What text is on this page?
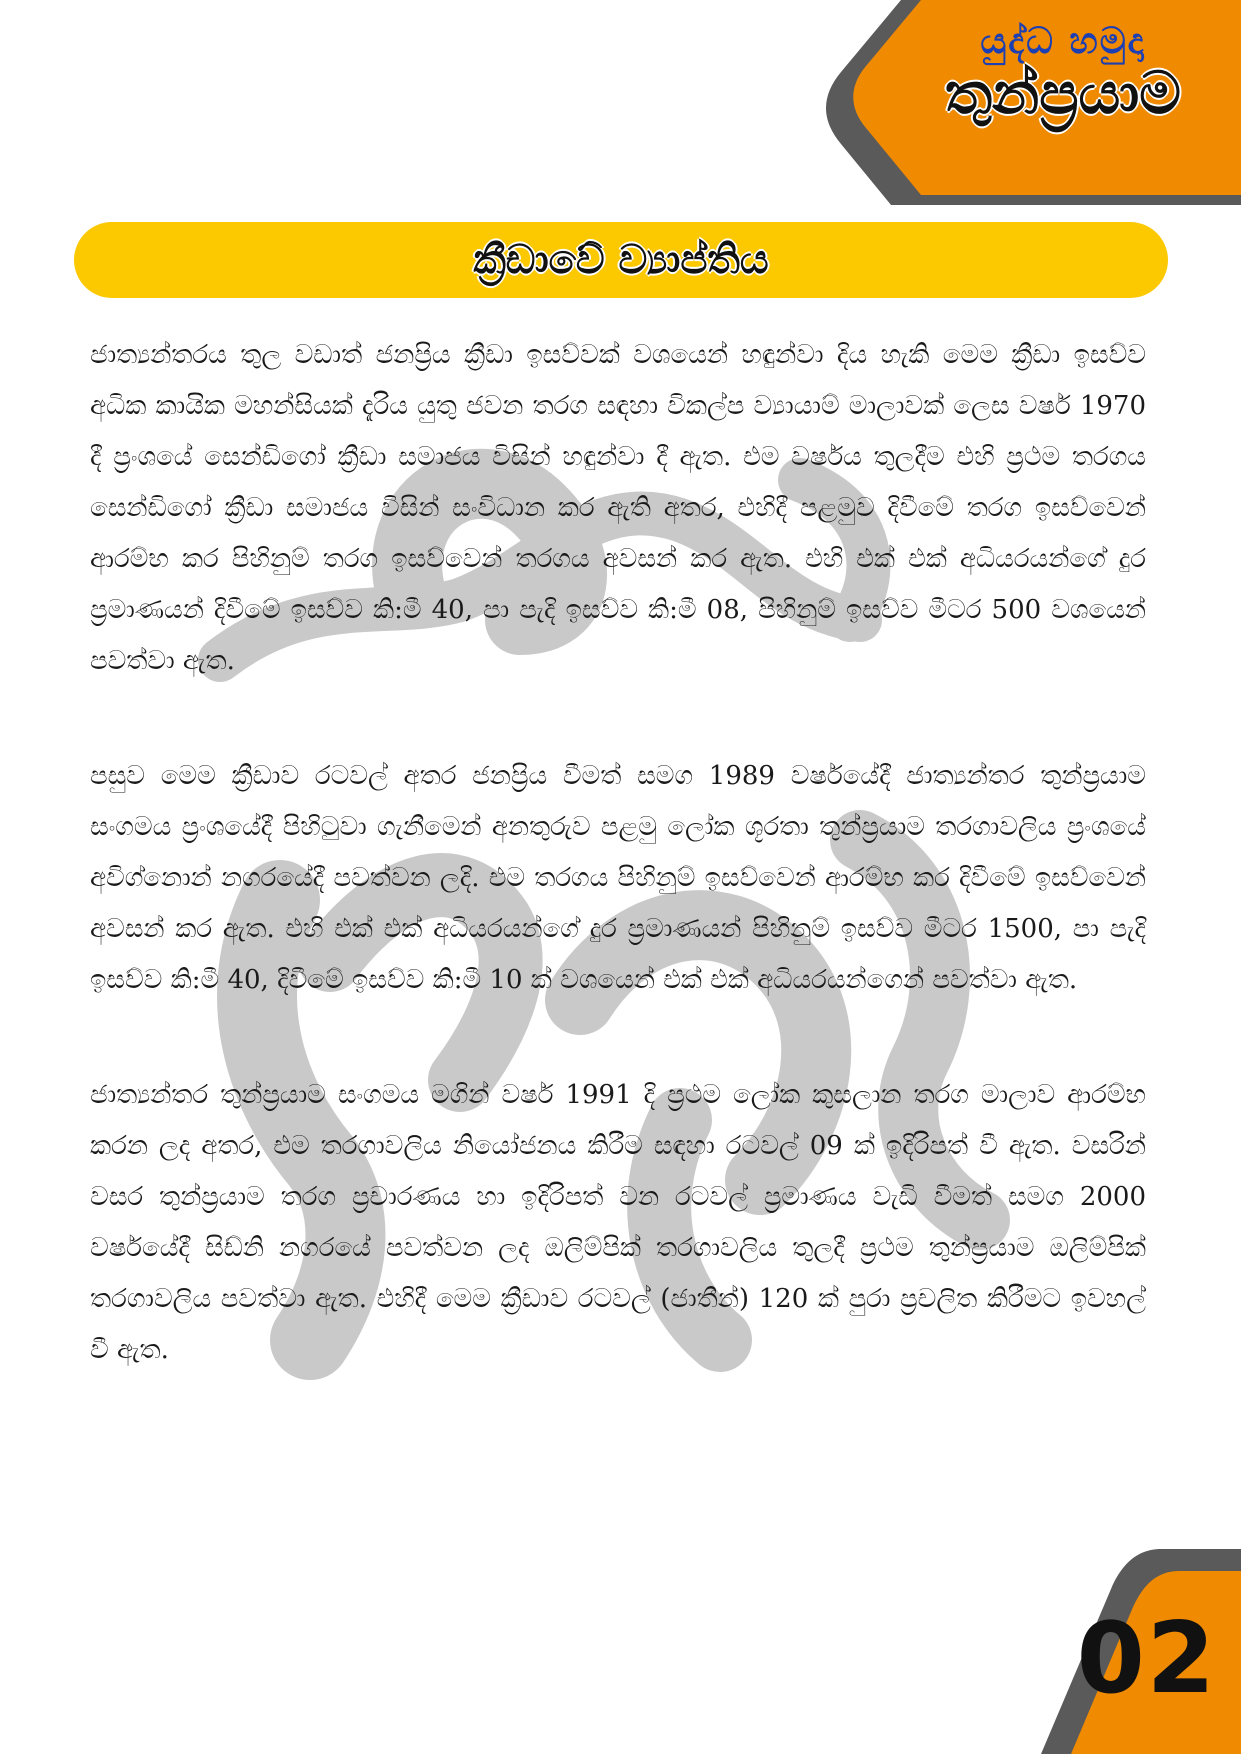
යුද්ධ හමුදා
තුන්ප්‍රයාම
ක්‍රීඩාවේ ව්‍යාප්තිය

ජාත්‍යන්තරය තුල වඩාත් ජනප්‍රිය ක්‍රීඩා ඉසව්වක් වශයෙන් හඳුන්වා දිය හැකි මෙම ක්‍රීඩා ඉසව්ව අධික කායික මහන්සියක් දැරිය යුතු ජවන තරග සඳහා විකල්ප ව්‍යායාම් මාලාවක් ලෙස වර්ෂ 1970 දී ප්‍රංශයේ සෙන්ඩිගෝ ක්‍රීඩා සමාජය විසින් හඳුන්වා දී ඇත. එම වර්ෂය තුලදීම එහි ප්‍රථම තරගය සෙන්ඩිගෝ ක්‍රීඩා සමාජය විසින් සංවිධාන කර ඇති අතර, එහිදී පළමුව දිවීමේ තරග ඉසව්වෙන් ආරම්භ කර පිහිනුම් තරග ඉසව්වෙන් තරගය අවසන් කර ඇත. එහි එක් එක් අධියරයන්ගේ දුර ප්‍රමාණයන් දිවීමේ ඉසව්ව කි:මී 40, පා පැදි ඉසව්ව කි:මී 08, පිහිනුම් ඉසව්ව මීටර 500 වශයෙන් පවත්වා ඇත.

පසුව මෙම ක්‍රීඩාව රටවල් අතර ජනප්‍රිය වීමත් සමග 1989 වර්ෂයේදී ජාත්‍යන්තර තුන්ප්‍රයාම සංගමය ප්‍රංශයේදී පිහිටුවා ගැනීමෙන් අනතුරුව පළමු ලෝක ශූරතා තුන්ප්‍රයාම තරගාවලිය ප්‍රංශයේ අවිග්නොන් නගරයේදී පවත්වන ලදි. එම තරගය පිහිනුම් ඉසව්වෙන් ආරම්භ කර දිවීමේ ඉසව්වෙන් අවසන් කර ඇත. එහි එක් එක් අධියරයන්ගේ දුර ප්‍රමාණයන් පිහිනුම් ඉසව්ව මීටර 1500, පා පැදි ඉසව්ව කි:මී 40, දිවීමේ ඉසව්ව කි:මී 10 ක් වශයෙන් එක් එක් අධියරයන්ගෙන් පවත්වා ඇත.

ජාත්‍යන්තර තුන්ප්‍රයාම සංගමය මගින් වර්ෂ 1991 දි ප්‍රථම ලෝක කුසලාන තරග මාලාව ආරම්භ කරන ලද අතර, එම තරගාවලිය නියෝජනය කිරීම සඳහා රටවල් 09 ක් ඉදිරිපත් වී ඇත. වසරින් වසර තුන්ප්‍රයාම තරග ප්‍රචාරණය හා ඉදිරිපත් වන රටවල් ප්‍රමාණය වැඩි වීමත් සමග 2000 වර්ෂයේදී සිඩ්නි නගරයේ පවත්වන ලද ඔලිම්පික් තරගාවලිය තුලදී ප්‍රථම තුන්ප්‍රයාම ඔලිම්පික් තරගාවලිය පවත්වා ඇත. එහිදී මෙම ක්‍රීඩාව රටවල් (ජාතීන්) 120 ක් පුරා ප්‍රචලිත කිරීමට ඉවහල් වී ඇත.

02
